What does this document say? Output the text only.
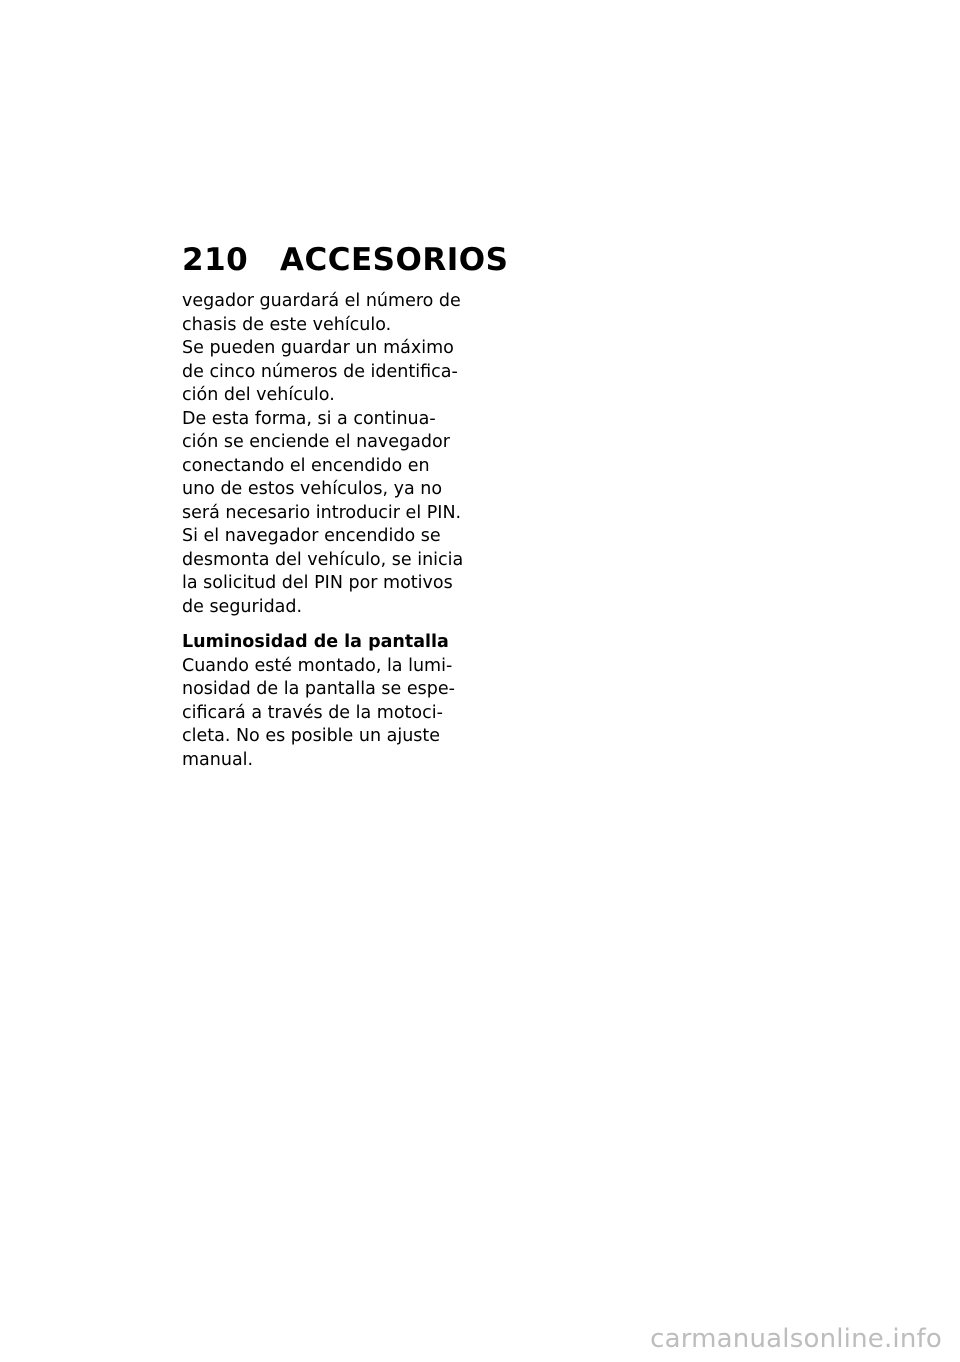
210	ACCESORIOS

vegador guardará el número de

chasis de este vehículo.

Se pueden guardar un máximo

de cinco números de identifica-

ción del vehículo.

De esta forma, si a continua-

ción se enciende el navegador

conectando el encendido en

uno de estos vehículos, ya no

será necesario introducir el PIN.

Si el navegador encendido se

desmonta del vehículo, se inicia

la solicitud del PIN por motivos

de seguridad.

Luminosidad de la pantalla

Cuando esté montado, la lumi-

nosidad de la pantalla se espe-

cificará a través de la motoci-

cleta. No es posible un ajuste

manual.

carmanualsonline.info
